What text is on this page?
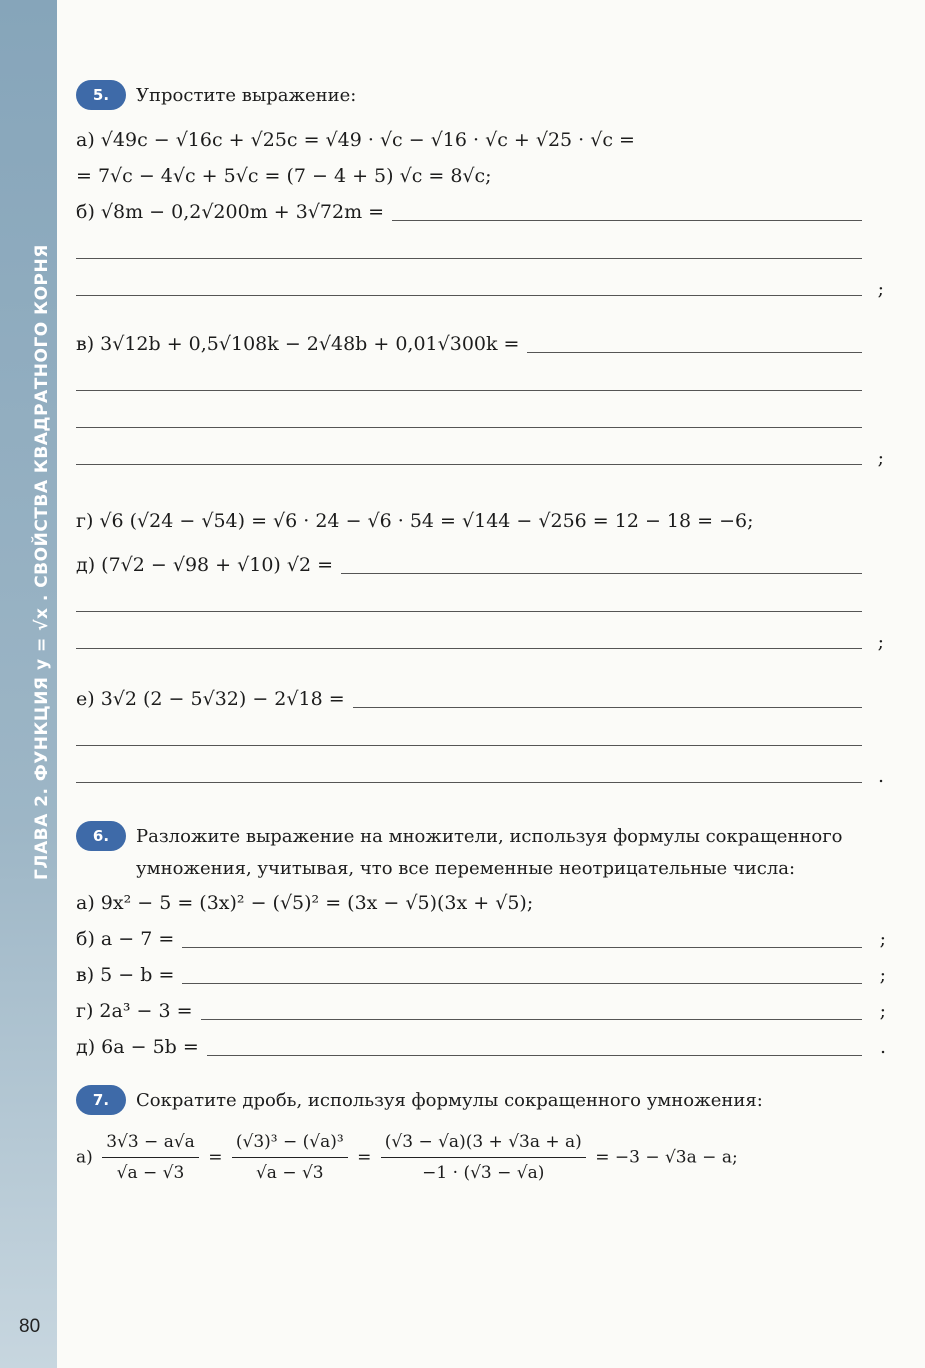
ГЛАВА 2. ФУНКЦИЯ y = √x . СВОЙСТВА КВАДРАТНОГО КОРНЯ
80
5.	Упростите выражение:
а) √49c − √16c + √25c = √49 · √c − √16 · √c + √25 · √c =
= 7√c − 4√c + 5√c = (7 − 4 + 5) √c = 8√c;
б) √8m − 0,2√200m + 3√72m =
;
в) 3√12b + 0,5√108k − 2√48b + 0,01√300k =
;
г) √6 (√24 − √54) = √6 · 24 − √6 · 54 = √144 − √256 = 12 − 18 = −6;
д) (7√2 − √98 + √10) √2 =
;
е) 3√2 (2 − 5√32) − 2√18 =
.
6.	Разложите выражение на множители, используя формулы сокращенного умножения, учитывая, что все переменные неотрицательные числа:
а) 9x² − 5 = (3x)² − (√5)² = (3x − √5)(3x + √5);
б) a − 7 =	;
в) 5 − b =	;
г) 2a³ − 3 =	;
д) 6a − 5b =	.
7.	Сократите дробь, используя формулы сокращенного умножения:
$а) \frac{3√3 - a√a}{√a - √3} = \frac{\text{(√3)³ − (√a)³}}{√a - √3} = \frac{(√3 - √a)(3 + √3a + a)}{-1 \cdot (√3 - √a)} = -3 - √3a - a$;
